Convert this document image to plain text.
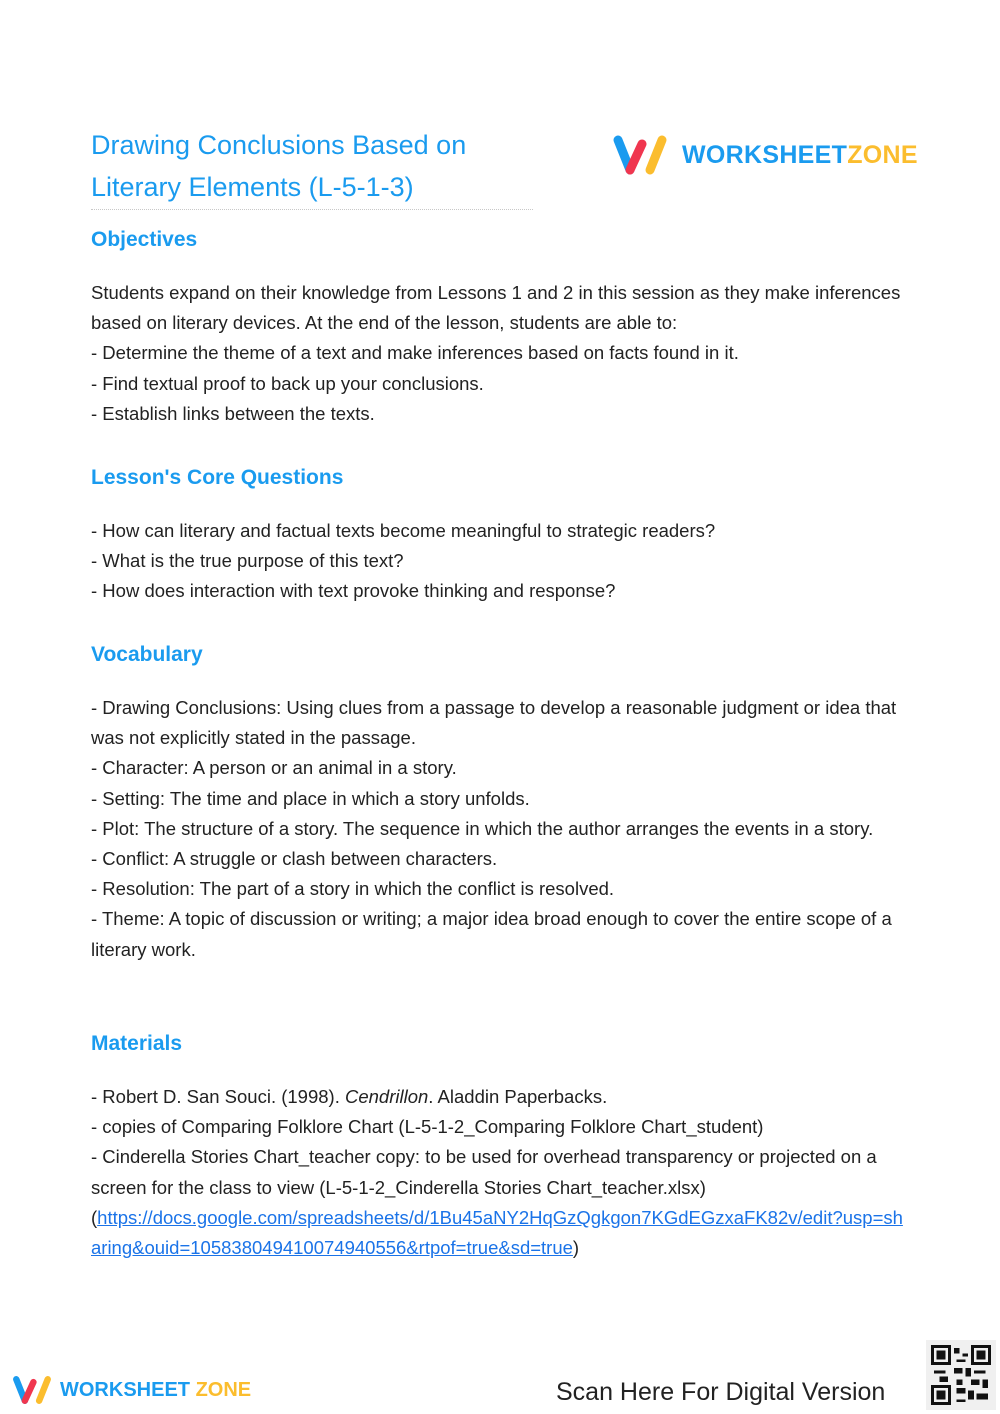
Drawing Conclusions Based on Literary Elements (L-5-1-3)
WORKSHEETZONE
Objectives

Students expand on their knowledge from Lessons 1 and 2 in this session as they make inferences based on literary devices. At the end of the lesson, students are able to:

- Determine the theme of a text and make inferences based on facts found in it.

- Find textual proof to back up your conclusions.

- Establish links between the texts.

Lesson's Core Questions

- How can literary and factual texts become meaningful to strategic readers?

- What is the true purpose of this text?

- How does interaction with text provoke thinking and response?

Vocabulary

- Drawing Conclusions: Using clues from a passage to develop a reasonable judgment or idea that was not explicitly stated in the passage.

- Character: A person or an animal in a story.

- Setting: The time and place in which a story unfolds.

- Plot: The structure of a story. The sequence in which the author arranges the events in a story.

- Conflict: A struggle or clash between characters.

- Resolution: The part of a story in which the conflict is resolved.

- Theme: A topic of discussion or writing; a major idea broad enough to cover the entire scope of a literary work.

Materials

- Robert D. San Souci. (1998). Cendrillon. Aladdin Paperbacks.

- copies of Comparing Folklore Chart (L-5-1-2_Comparing Folklore Chart_student)

- Cinderella Stories Chart_teacher copy: to be used for overhead transparency or projected on a screen for the class to view (L-5-1-2_Cinderella Stories Chart_teacher.xlsx)

(https://docs.google.com/spreadsheets/d/1Bu45aNY2HqGzQgkgon7KGdEGzxaFK82v/edit?usp=sharing&ouid=105838049410074940556&rtpof=true&sd=true)

WORKSHEET ZONE	Scan Here For Digital Version
